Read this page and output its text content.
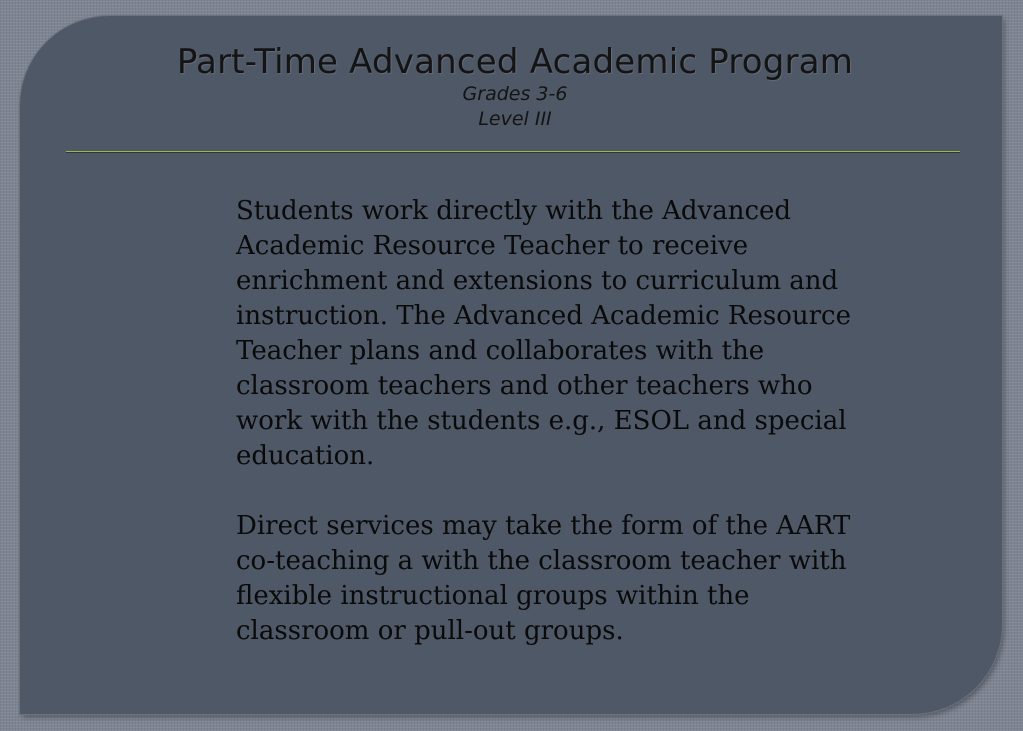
Part-Time Advanced Academic Program
Grades 3-6
Level III

Students work directly with the Advanced
Academic Resource Teacher to receive
enrichment and extensions to curriculum and
instruction. The Advanced Academic Resource
Teacher plans and collaborates with the
classroom teachers and other teachers who
work with the students e.g., ESOL and special
education.

Direct services may take the form of the AART
co-teaching a with the classroom teacher with
flexible instructional groups within the
classroom or pull-out groups.
